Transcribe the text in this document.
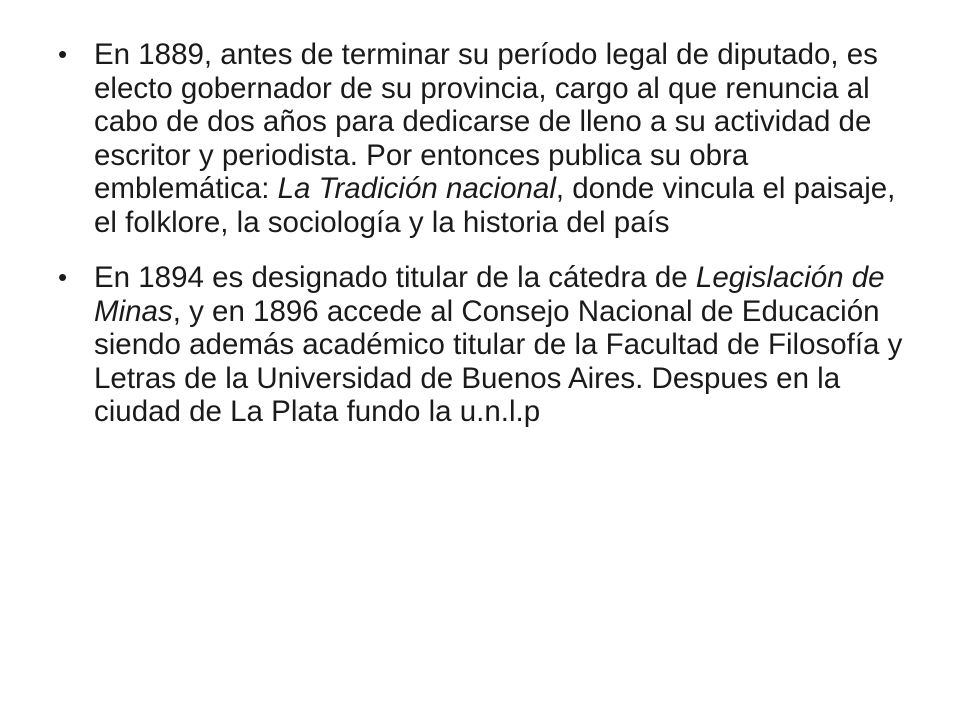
• En 1889, antes de terminar su período legal de diputado, es electo gobernador de su provincia, cargo al que renuncia al cabo de dos años para dedicarse de lleno a su actividad de escritor y periodista. Por entonces publica su obra emblemática: La Tradición nacional, donde vincula el paisaje, el folklore, la sociología y la historia del país
• En 1894 es designado titular de la cátedra de Legislación de Minas, y en 1896 accede al Consejo Nacional de Educación siendo además académico titular de la Facultad de Filosofía y Letras de la Universidad de Buenos Aires. Despues en la ciudad de La Plata fundo la u.n.l.p
